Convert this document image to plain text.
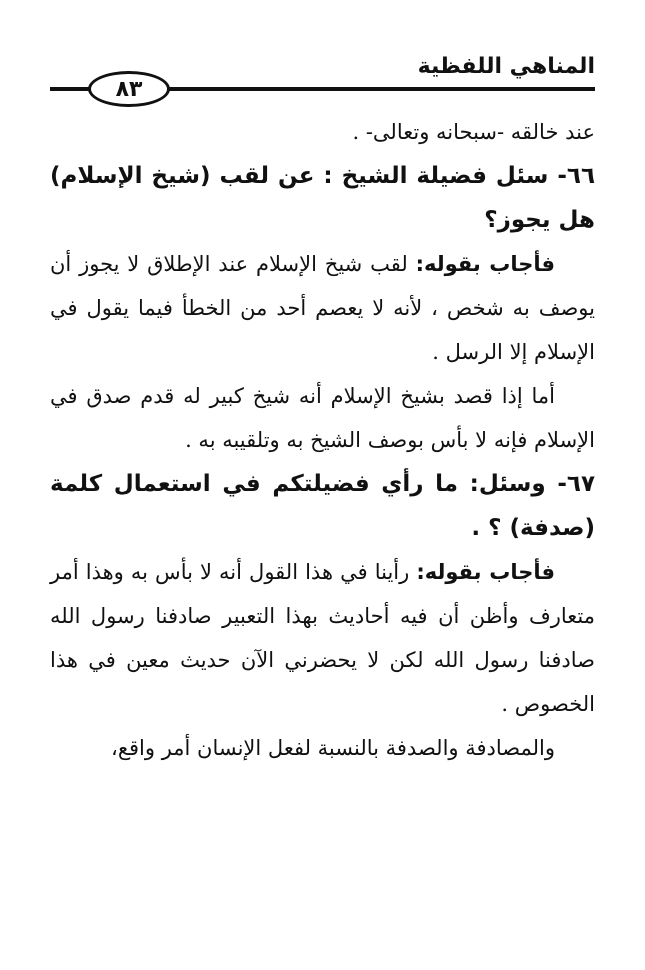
المناهي اللفظية
٨٣

عند خالقه -سبحانه وتعالى- .

٦٦- سئل فضيلة الشيخ : عن لقب (شيخ الإسلام) هل يجوز؟

فأجاب بقوله: لقب شيخ الإسلام عند الإطلاق لا يجوز أن يوصف به شخص ، لأنه لا يعصم أحد من الخطأ فيما يقول في الإسلام إلا الرسل .

أما إذا قصد بشيخ الإسلام أنه شيخ كبير له قدم صدق في الإسلام فإنه لا بأس بوصف الشيخ به وتلقيبه به .

٦٧- وسئل: ما رأي فضيلتكم في استعمال كلمة (صدفة) ؟ .

فأجاب بقوله: رأينا في هذا القول أنه لا بأس به وهذا أمر متعارف وأظن أن فيه أحاديث بهذا التعبير صادفنا رسول الله صادفنا رسول الله لكن لا يحضرني الآن حديث معين في هذا الخصوص .

والمصادفة والصدفة بالنسبة لفعل الإنسان أمر واقع،
